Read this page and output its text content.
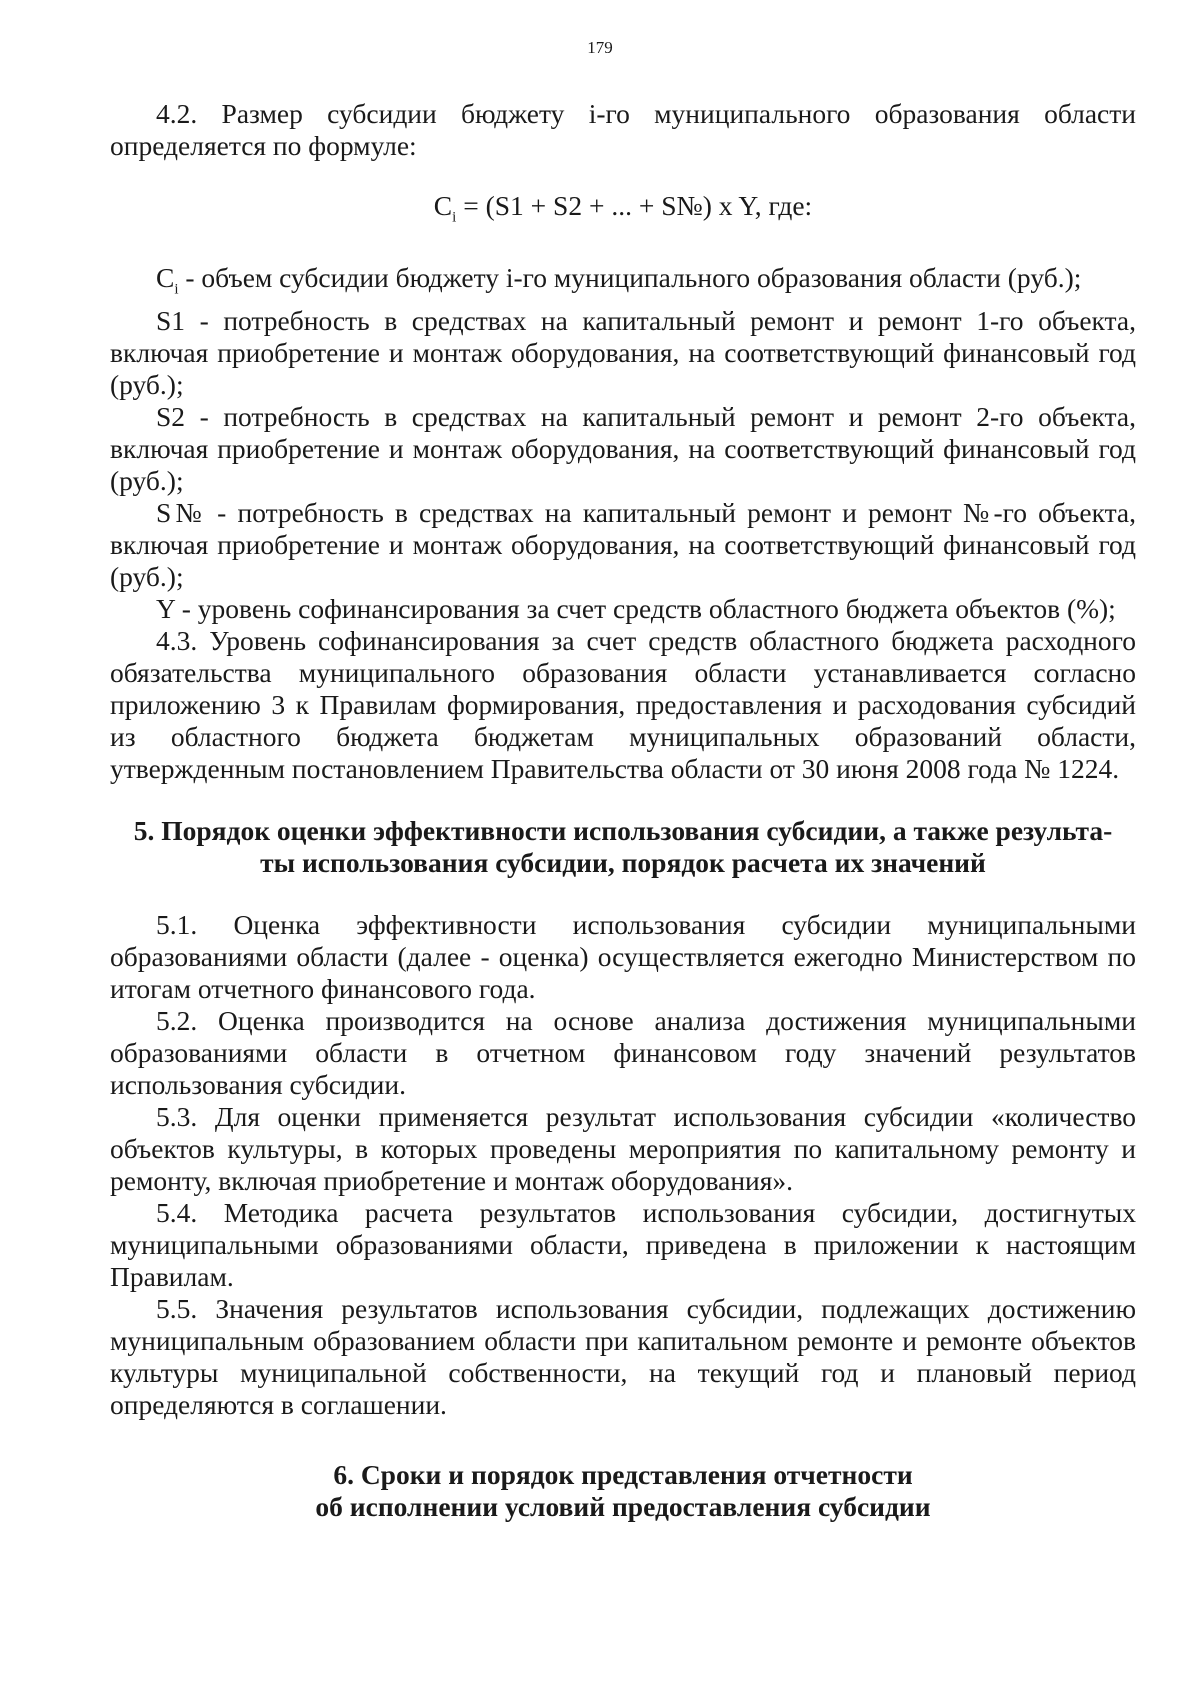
179

4.2. Размер субсидии бюджету i-го муниципального образования области определяется по формуле:

$C_i = (S1 + S2$ + ... + S№) x Y, где:

$C_i$ - объем субсидии бюджету i-го муниципального образования области (руб.);

S1 - потребность в средствах на капитальный ремонт и ремонт 1-го объекта, включая приобретение и монтаж оборудования, на соответствующий финансовый год (руб.);

S2 - потребность в средствах на капитальный ремонт и ремонт 2-го объекта, включая приобретение и монтаж оборудования, на соответствующий финансовый год (руб.);

S№ - потребность в средствах на капитальный ремонт и ремонт №-го объекта, включая приобретение и монтаж оборудования, на соответствующий финансовый год (руб.);

Y - уровень софинансирования за счет средств областного бюджета объектов (%);

4.3. Уровень софинансирования за счет средств областного бюджета расходного обязательства муниципального образования области устанавливается согласно приложению 3 к Правилам формирования, предоставления и расходования субсидий из областного бюджета бюджетам муниципальных образований области, утвержденным постановлением Правительства области от 30 июня 2008 года № 1224.

5. Порядок оценки эффективности использования субсидии, а также результа-
ты использования субсидии, порядок расчета их значений

5.1. Оценка эффективности использования субсидии муниципальными образованиями области (далее - оценка) осуществляется ежегодно Министерством по итогам отчетного финансового года.

5.2. Оценка производится на основе анализа достижения муниципальными образованиями области в отчетном финансовом году значений результатов использования субсидии.

5.3. Для оценки применяется результат использования субсидии «количество объектов культуры, в которых проведены мероприятия по капитальному ремонту и ремонту, включая приобретение и монтаж оборудования».

5.4. Методика расчета результатов использования субсидии, достигнутых муниципальными образованиями области, приведена в приложении к настоящим Правилам.

5.5. Значения результатов использования субсидии, подлежащих достижению муниципальным образованием области при капитальном ремонте и ремонте объектов культуры муниципальной собственности, на текущий год и плановый период определяются в соглашении.

6. Сроки и порядок представления отчетности
об исполнении условий предоставления субсидии
